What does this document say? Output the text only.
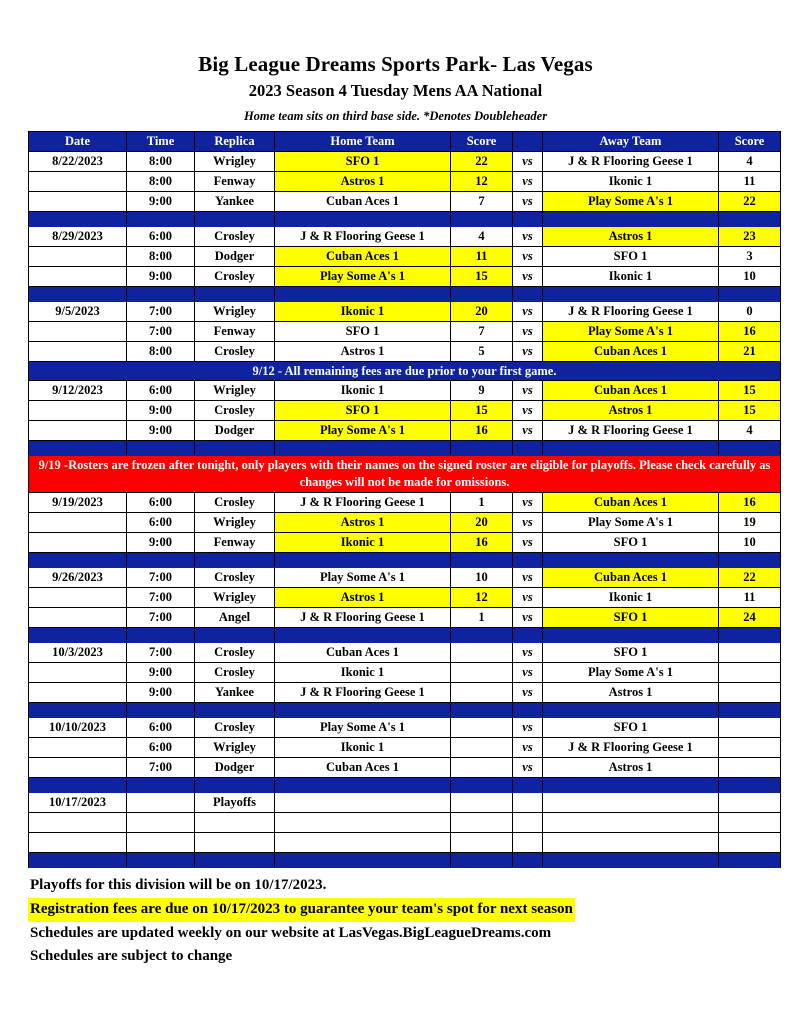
Big League Dreams Sports Park- Las Vegas
2023 Season 4 Tuesday Mens AA National
Home team sits on third base side. *Denotes Doubleheader
Date	Time	Replica	Home Team	Score		Away Team	Score
8/22/2023	8:00	Wrigley	SFO 1	22	vs	J & R Flooring Geese 1	4
	8:00	Fenway	Astros 1	12	vs	Ikonic 1	11
	9:00	Yankee	Cuban Aces 1	7	vs	Play Some A's 1	22

8/29/2023	6:00	Crosley	J & R Flooring Geese 1	4	vs	Astros 1	23
	8:00	Dodger	Cuban Aces 1	11	vs	SFO 1	3
	9:00	Crosley	Play Some A's 1	15	vs	Ikonic 1	10

9/5/2023	7:00	Wrigley	Ikonic 1	20	vs	J & R Flooring Geese 1	0
	7:00	Fenway	SFO 1	7	vs	Play Some A's 1	16
	8:00	Crosley	Astros 1	5	vs	Cuban Aces 1	21
9/12 - All remaining fees are due prior to your first game.							
9/12/2023	6:00	Wrigley	Ikonic 1	9	vs	Cuban Aces 1	15
	9:00	Crosley	SFO 1	15	vs	Astros 1	15
	9:00	Dodger	Play Some A's 1	16	vs	J & R Flooring Geese 1	4

9/19 -Rosters are frozen after tonight, only players with their names on the signed roster are eligible for playoffs. Please check carefully as changes will not be made for omissions.							
9/19/2023	6:00	Crosley	J & R Flooring Geese 1	1	vs	Cuban Aces 1	16
	6:00	Wrigley	Astros 1	20	vs	Play Some A's 1	19
	9:00	Fenway	Ikonic 1	16	vs	SFO 1	10

9/26/2023	7:00	Crosley	Play Some A's 1	10	vs	Cuban Aces 1	22
	7:00	Wrigley	Astros 1	12	vs	Ikonic 1	11
	7:00	Angel	J & R Flooring Geese 1	1	vs	SFO 1	24

10/3/2023	7:00	Crosley	Cuban Aces 1		vs	SFO 1	
	9:00	Crosley	Ikonic 1		vs	Play Some A's 1	
	9:00	Yankee	J & R Flooring Geese 1		vs	Astros 1	

10/10/2023	6:00	Crosley	Play Some A's 1		vs	SFO 1	
	6:00	Wrigley	Ikonic 1		vs	J & R Flooring Geese 1	
	7:00	Dodger	Cuban Aces 1		vs	Astros 1	

10/17/2023		Playoffs					

Playoffs for this division will be on 10/17/2023.
Registration fees are due on 10/17/2023 to guarantee your team's spot for next season
Schedules are updated weekly on our website at LasVegas.BigLeagueDreams.com
Schedules are subject to change
